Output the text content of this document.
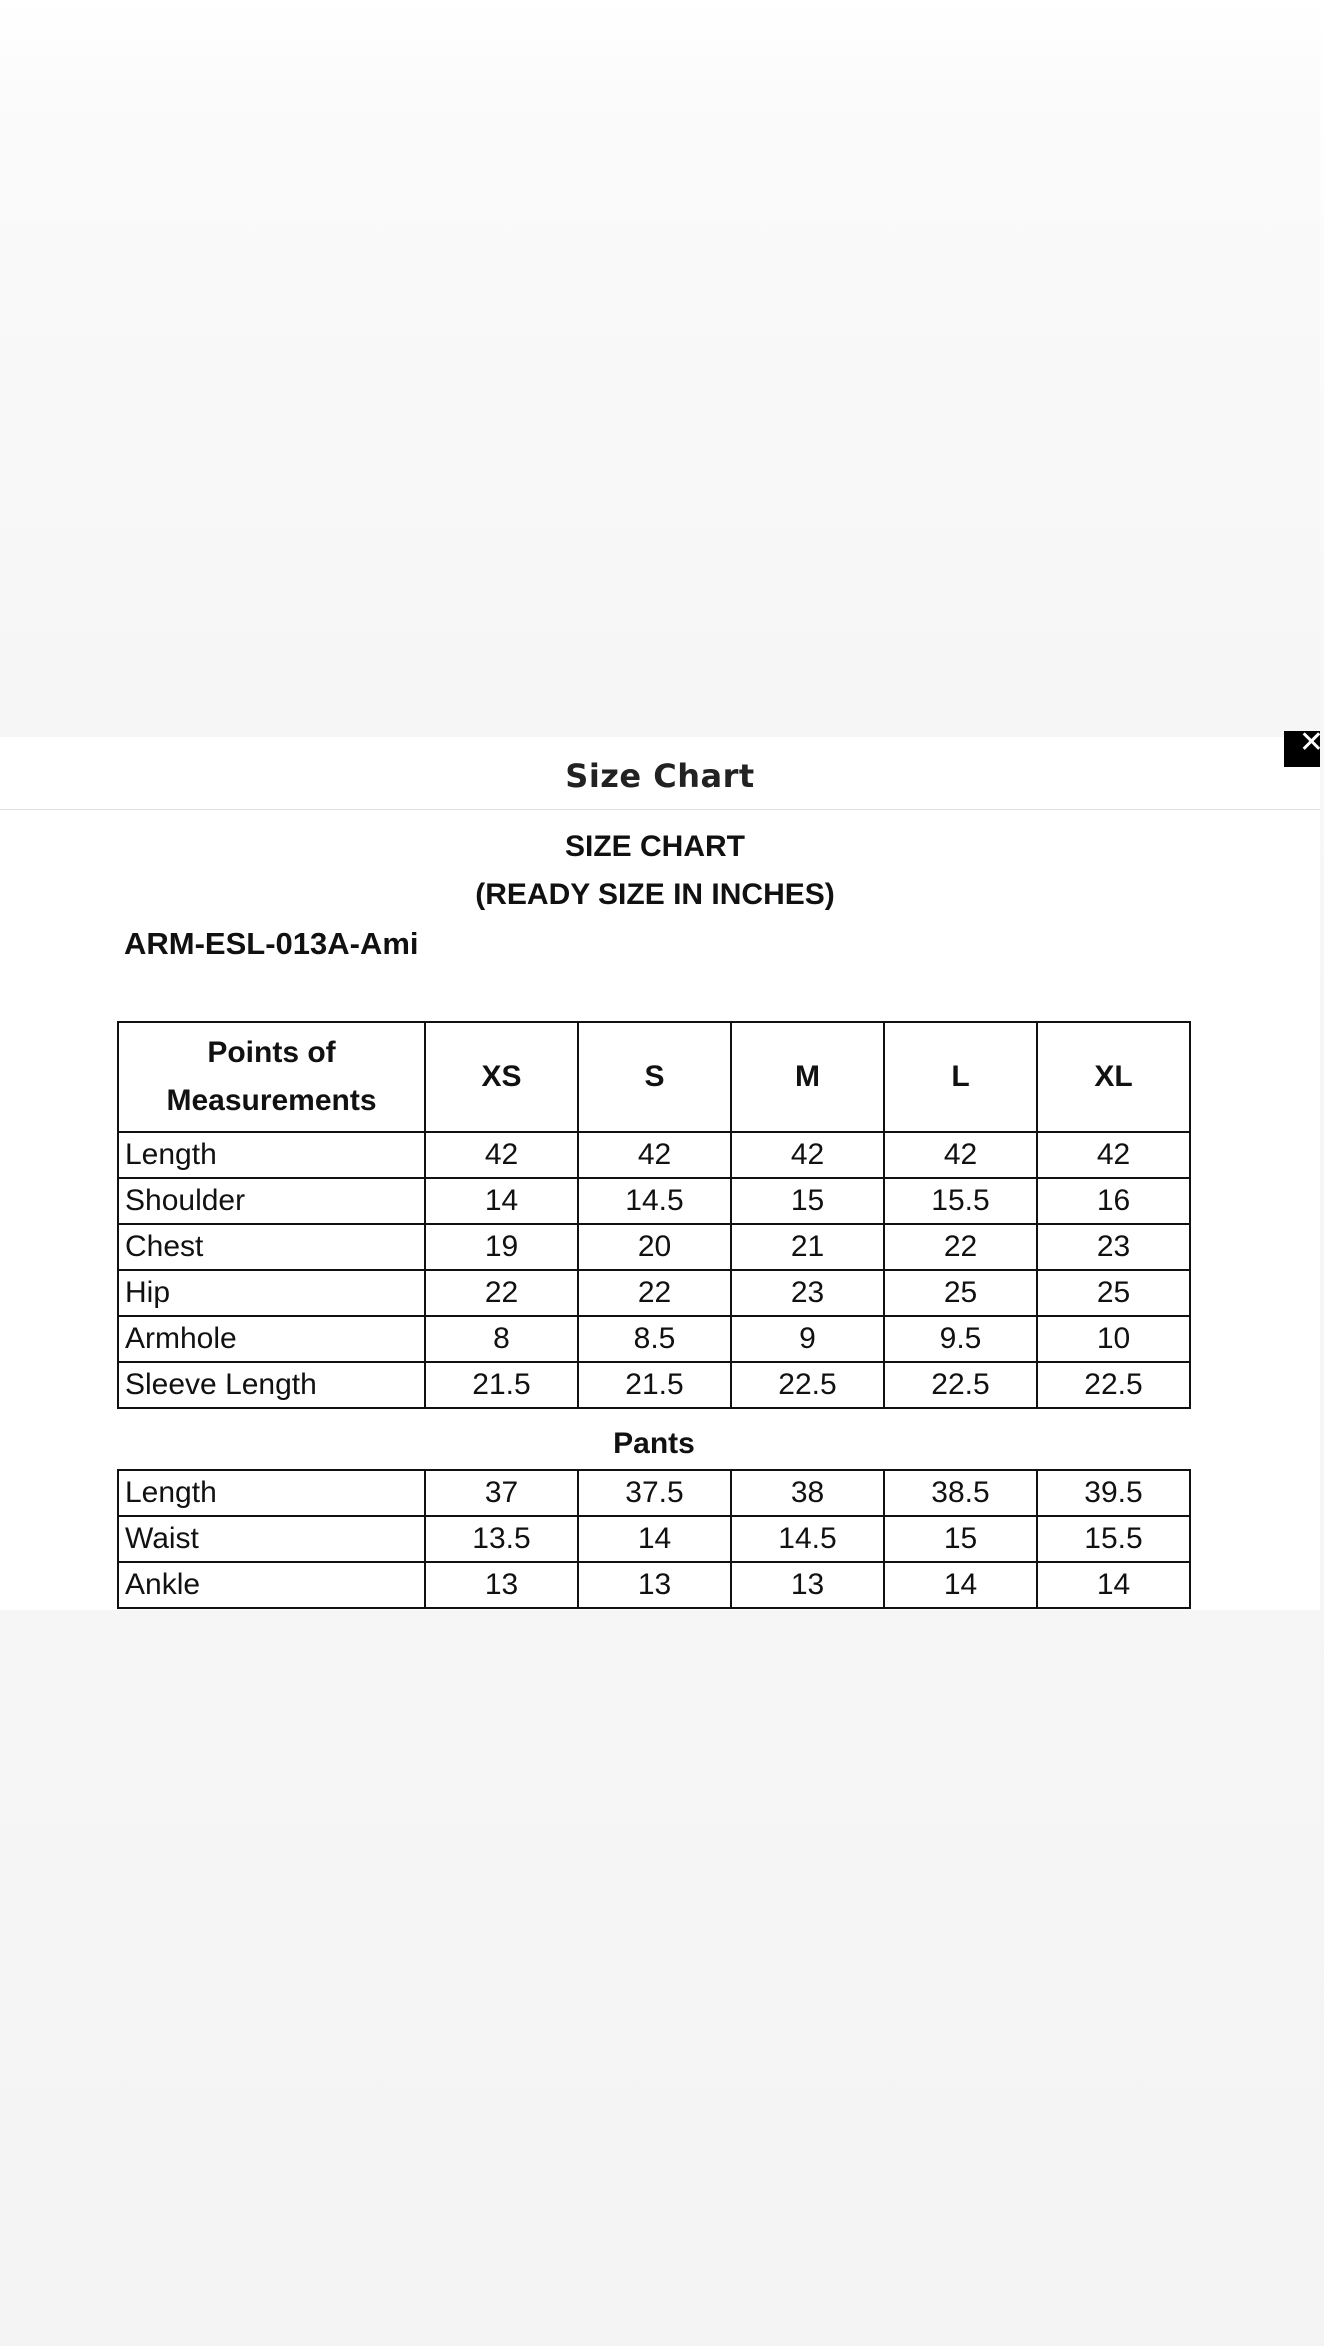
Size Chart
✕
SIZE CHART
(READY SIZE IN INCHES)
ARM-ESL-013A-Ami
Points of
Measurements	XS	S	M	L	XL
Length	42	42	42	42	42
Shoulder	14	14.5	15	15.5	16
Chest	19	20	21	22	23
Hip	22	22	23	25	25
Armhole	8	8.5	9	9.5	10
Sleeve Length	21.5	21.5	22.5	22.5	22.5
Pants
Length	37	37.5	38	38.5	39.5
Waist	13.5	14	14.5	15	15.5
Ankle	13	13	13	14	14
